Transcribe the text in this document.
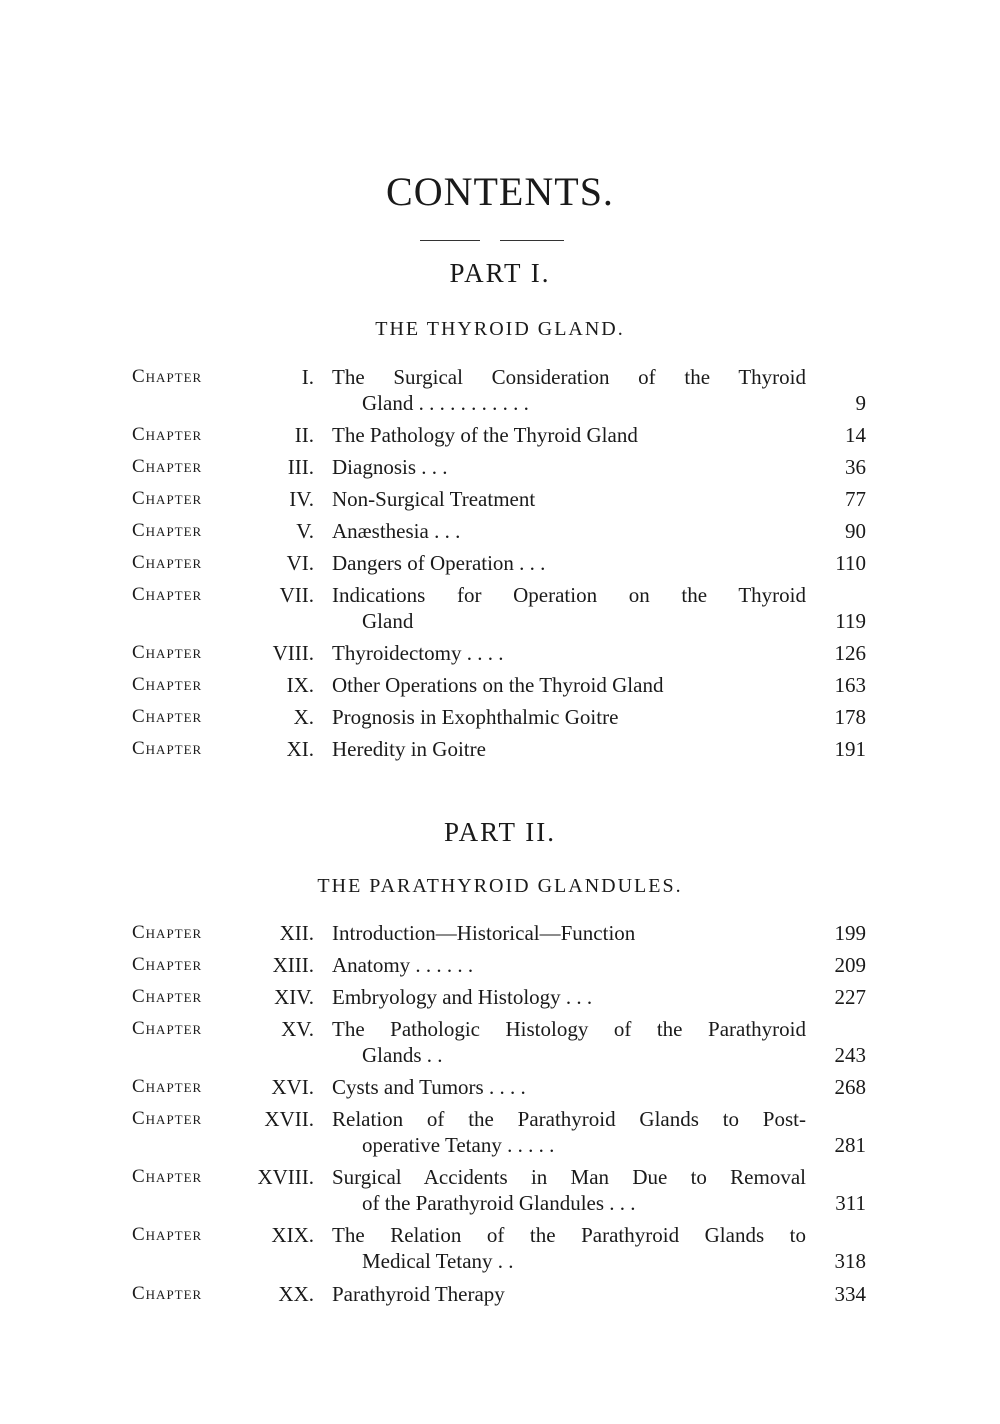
CONTENTS.
PART I.
THE THYROID GLAND.
Chapter	I. The Surgical Consideration of the Thyroid
Gland . . . . . . . . . . .	9
Chapter	II. The Pathology of the Thyroid Gland	14
Chapter	III. Diagnosis . . .	36
Chapter	IV. Non-Surgical Treatment	77
Chapter	V. Anæsthesia . . .	90
Chapter	VI. Dangers of Operation . . .	110
Chapter	VII. Indications for Operation on the Thyroid
Gland	119
Chapter	VIII. Thyroidectomy . . . .	126
Chapter	IX. Other Operations on the Thyroid Gland	163
Chapter	X. Prognosis in Exophthalmic Goitre	178
Chapter	XI. Heredity in Goitre	191
PART II.
THE PARATHYROID GLANDULES.
Chapter	XII. Introduction—Historical—Function	199
Chapter	XIII. Anatomy . . . . . .	209
Chapter	XIV. Embryology and Histology . . .	227
Chapter	XV. The Pathologic Histology of the Parathyroid
Glands . .	243
Chapter	XVI. Cysts and Tumors . . . .	268
Chapter	XVII. Relation of the Parathyroid Glands to Post-
operative Tetany . . . . .	281
Chapter	XVIII. Surgical Accidents in Man Due to Removal
of the Parathyroid Glandules . . .	311
Chapter	XIX. The Relation of the Parathyroid Glands to
Medical Tetany . .	318
Chapter	XX. Parathyroid Therapy	334
